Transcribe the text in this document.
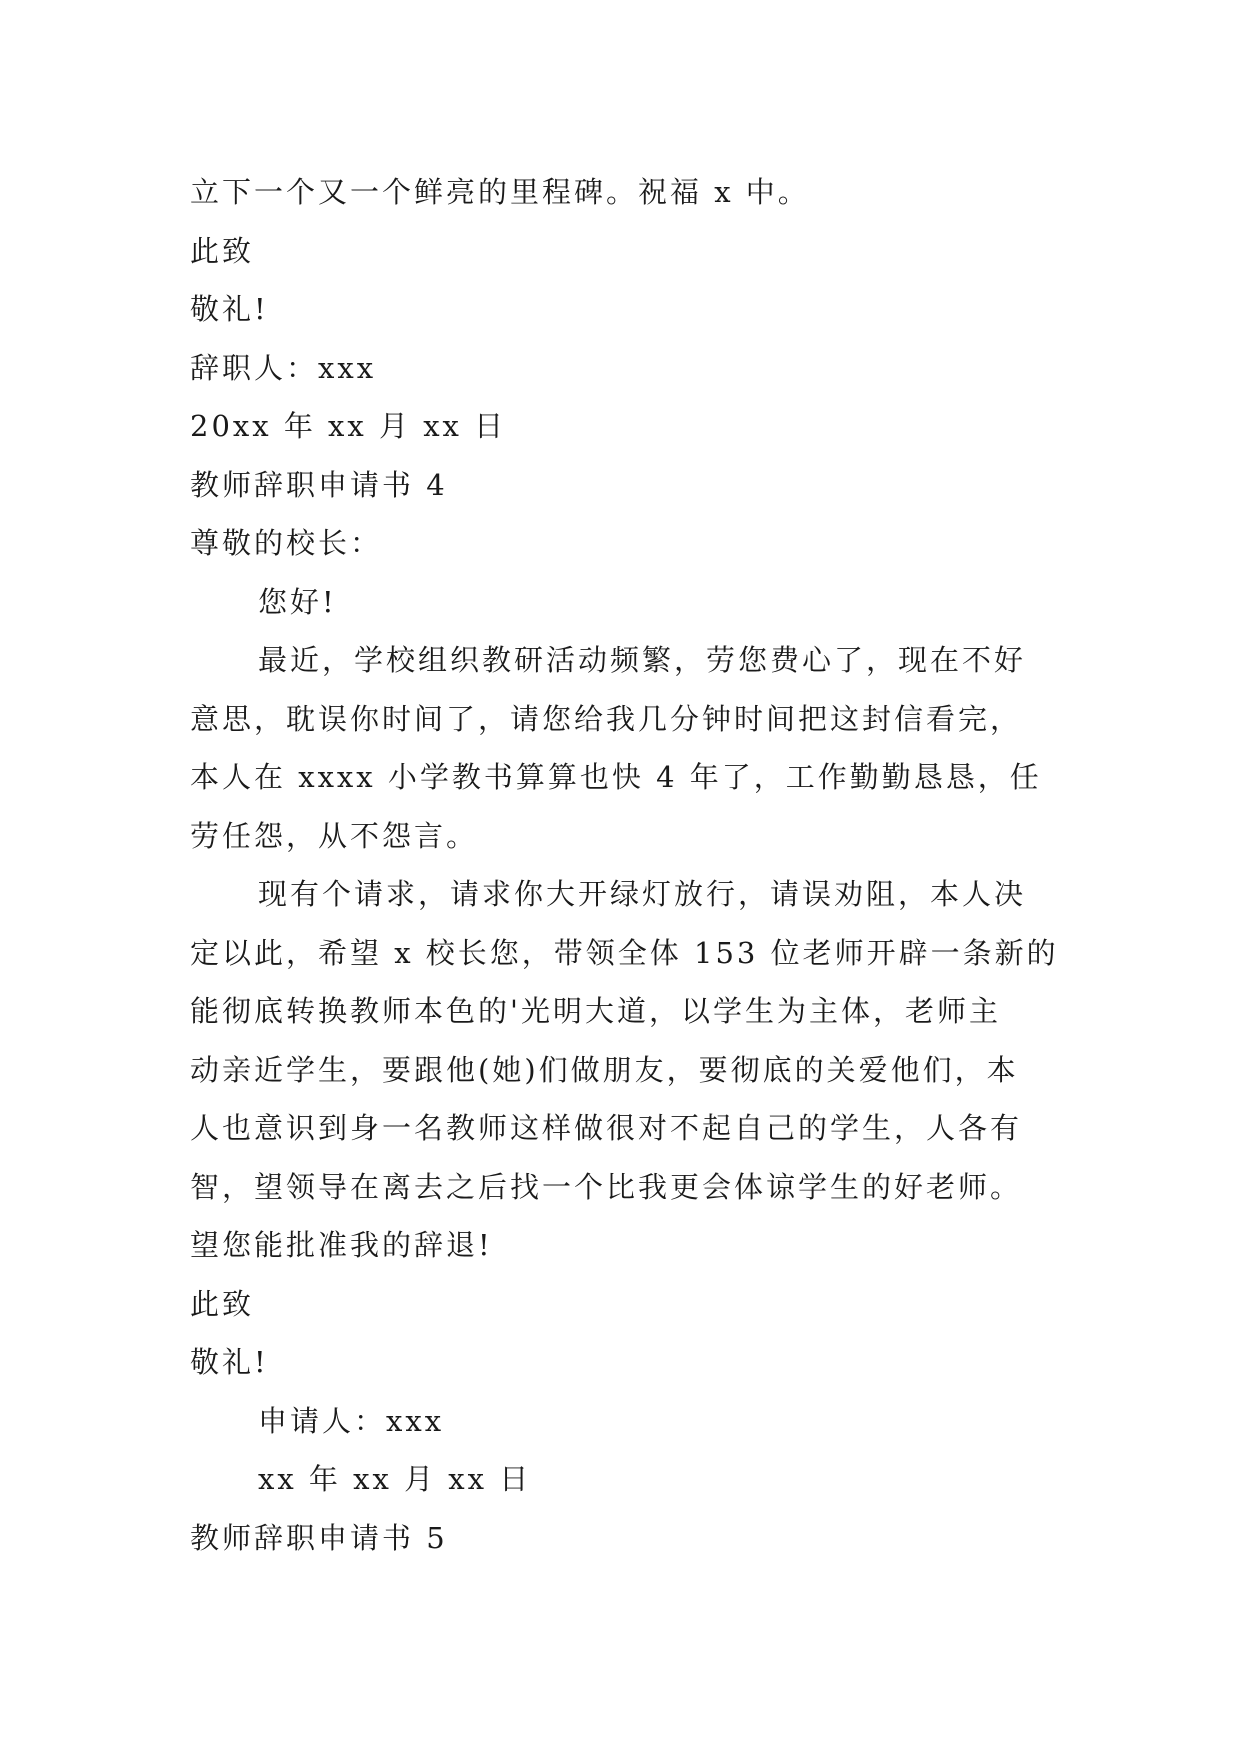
立下一个又一个鲜亮的里程碑。祝福 x 中。
此致
敬礼!
辞职人：xxx
20xx 年 xx 月 xx 日
教师辞职申请书 4
尊敬的校长：
您好!
最近，学校组织教研活动频繁，劳您费心了，现在不好
意思，耽误你时间了，请您给我几分钟时间把这封信看完，
本人在 xxxx 小学教书算算也快 4 年了，工作勤勤恳恳，任
劳任怨，从不怨言。
现有个请求，请求你大开绿灯放行，请误劝阻，本人决
定以此，希望 x 校长您，带领全体 153 位老师开辟一条新的
能彻底转换教师本色的'光明大道，以学生为主体，老师主
动亲近学生，要跟他(她)们做朋友，要彻底的关爱他们，本
人也意识到身一名教师这样做很对不起自己的学生，人各有
智，望领导在离去之后找一个比我更会体谅学生的好老师。
望您能批准我的辞退!
此致
敬礼!
申请人：xxx
xx 年 xx 月 xx 日
教师辞职申请书 5
